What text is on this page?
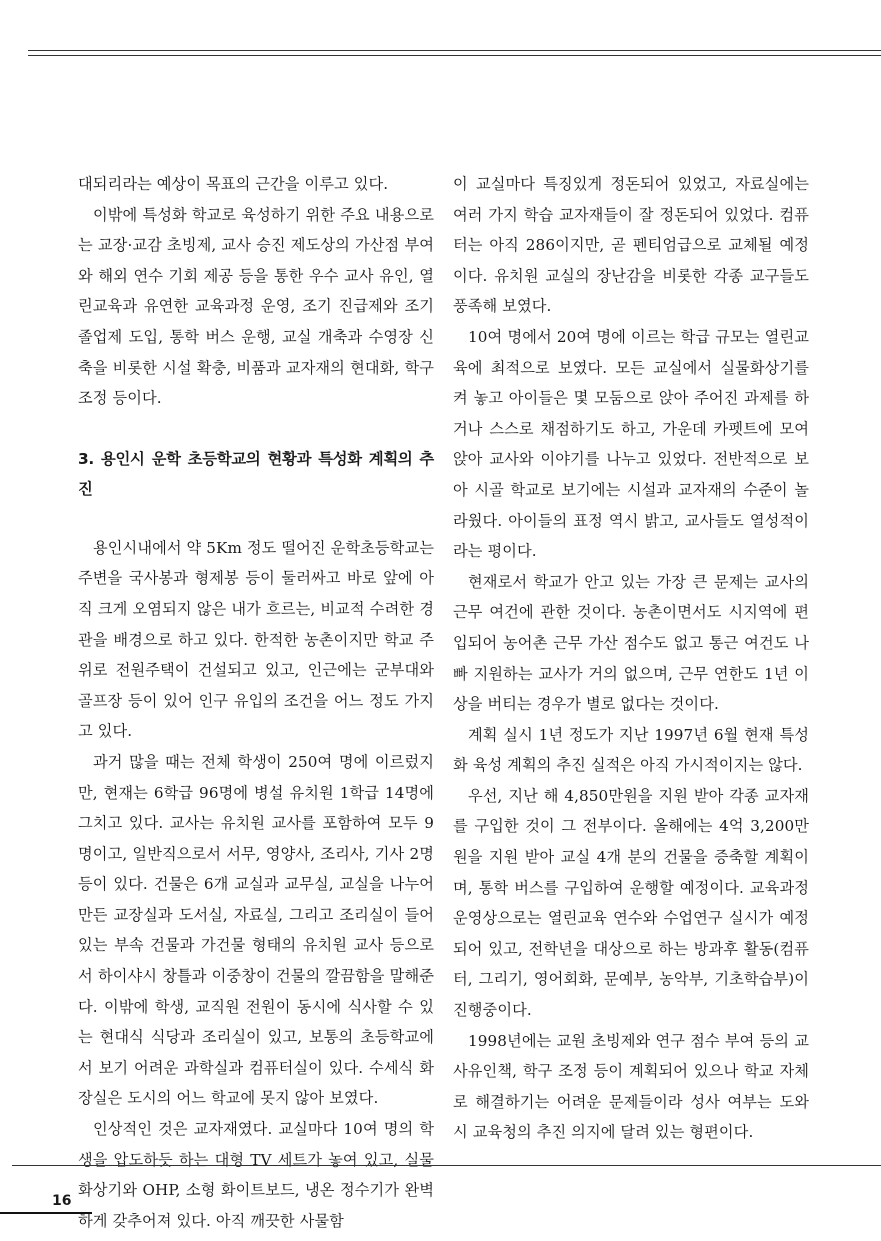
대되리라는 예상이 목표의 근간을 이루고 있다.

이밖에 특성화 학교로 육성하기 위한 주요 내용으로는 교장·교감 초빙제, 교사 승진 제도상의 가산점 부여와 해외 연수 기회 제공 등을 통한 우수 교사 유인, 열린교육과 유연한 교육과정 운영, 조기 진급제와 조기 졸업제 도입, 통학 버스 운행, 교실 개축과 수영장 신축을 비롯한 시설 확충, 비품과 교자재의 현대화, 학구 조정 등이다.

3. 용인시 운학 초등학교의 현황과 특성화 계획의 추진

용인시내에서 약 5Km 정도 떨어진 운학초등학교는 주변을 국사봉과 형제봉 등이 둘러싸고 바로 앞에 아직 크게 오염되지 않은 내가 흐르는, 비교적 수려한 경관을 배경으로 하고 있다. 한적한 농촌이지만 학교 주위로 전원주택이 건설되고 있고, 인근에는 군부대와 골프장 등이 있어 인구 유입의 조건을 어느 정도 가지고 있다.

과거 많을 때는 전체 학생이 250여 명에 이르렀지만, 현재는 6학급 96명에 병설 유치원 1학급 14명에 그치고 있다. 교사는 유치원 교사를 포함하여 모두 9명이고, 일반직으로서 서무, 영양사, 조리사, 기사 2명 등이 있다. 건물은 6개 교실과 교무실, 교실을 나누어 만든 교장실과 도서실, 자료실, 그리고 조리실이 들어있는 부속 건물과 가건물 형태의 유치원 교사 등으로서 하이샤시 창틀과 이중창이 건물의 깔끔함을 말해준다. 이밖에 학생, 교직원 전원이 동시에 식사할 수 있는 현대식 식당과 조리실이 있고, 보통의 초등학교에서 보기 어려운 과학실과 컴퓨터실이 있다. 수세식 화장실은 도시의 어느 학교에 못지 않아 보였다.

인상적인 것은 교자재였다. 교실마다 10여 명의 학생을 압도하듯 하는 대형 TV 세트가 놓여 있고, 실물화상기와 OHP, 소형 화이트보드, 냉온 정수기가 완벽하게 갖추어져 있다. 아직 깨끗한 사물함

이 교실마다 특징있게 정돈되어 있었고, 자료실에는 여러 가지 학습 교자재들이 잘 정돈되어 있었다. 컴퓨터는 아직 286이지만, 곧 펜티엄급으로 교체될 예정이다. 유치원 교실의 장난감을 비롯한 각종 교구들도 풍족해 보였다.

10여 명에서 20여 명에 이르는 학급 규모는 열린교육에 최적으로 보였다. 모든 교실에서 실물화상기를 켜 놓고 아이들은 몇 모둠으로 앉아 주어진 과제를 하거나 스스로 채점하기도 하고, 가운데 카펫트에 모여 앉아 교사와 이야기를 나누고 있었다. 전반적으로 보아 시골 학교로 보기에는 시설과 교자재의 수준이 놀라웠다. 아이들의 표정 역시 밝고, 교사들도 열성적이라는 평이다.

현재로서 학교가 안고 있는 가장 큰 문제는 교사의 근무 여건에 관한 것이다. 농촌이면서도 시지역에 편입되어 농어촌 근무 가산 점수도 없고 통근 여건도 나빠 지원하는 교사가 거의 없으며, 근무 연한도 1년 이상을 버티는 경우가 별로 없다는 것이다.

계획 실시 1년 정도가 지난 1997년 6월 현재 특성화 육성 계획의 추진 실적은 아직 가시적이지는 않다.

우선, 지난 해 4,850만원을 지원 받아 각종 교자재를 구입한 것이 그 전부이다. 올해에는 4억 3,200만원을 지원 받아 교실 4개 분의 건물을 증축할 계획이며, 통학 버스를 구입하여 운행할 예정이다. 교육과정 운영상으로는 열린교육 연수와 수업연구 실시가 예정되어 있고, 전학년을 대상으로 하는 방과후 활동(컴퓨터, 그리기, 영어회화, 문예부, 농악부, 기초학습부)이 진행중이다.

1998년에는 교원 초빙제와 연구 점수 부여 등의 교사유인책, 학구 조정 등이 계획되어 있으나 학교 자체로 해결하기는 어려운 문제들이라 성사 여부는 도와 시 교육청의 추진 의지에 달려 있는 형편이다.

16
